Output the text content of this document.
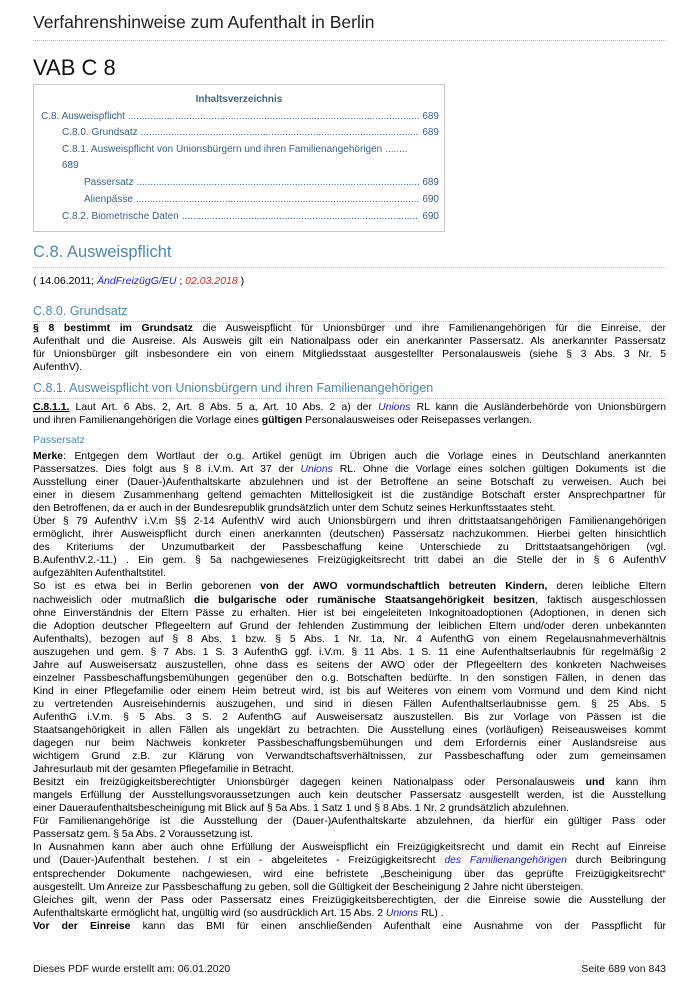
Verfahrenshinweise zum Aufenthalt in Berlin
VAB C 8
Inhaltsverzeichnis
C.8. Ausweispflicht .....	689
C.8.0. Grundsatz .....	689
C.8.1. Ausweispflicht von Unionsbürgern und ihren Familienangehörigen
.....
689
Passersatz .....	689
Alienpässe .....	690
C.8.2. Biometrische Daten .....	690
C.8. Ausweispflicht
( 14.06.2011; ÄndFreizügG/EU ; 02.03.2018 )
C.8.0. Grundsatz
§ 8 bestimmt im Grundsatz die Ausweispflicht für Unionsbürger und ihre Familienangehörigen für die Einreise, der
Aufenthalt und die Ausreise. Als Ausweis gilt ein Nationalpass oder ein anerkannter Passersatz. Als anerkannter Passersatz
für Unionsbürger gilt insbesondere ein von einem Mitgliedsstaat ausgestellter Personalausweis (siehe § 3 Abs. 3 Nr. 5
AufenthV).
C.8.1. Ausweispflicht von Unionsbürgern und ihren Familienangehörigen
C.8.1.1. Laut Art. 6 Abs. 2, Art. 8 Abs. 5 a, Art. 10 Abs. 2 a) der Unions RL kann die Ausländerbehörde von Unionsbürgern
und ihren Familienangehörigen die Vorlage eines gültigen Personalausweises oder Reisepasses verlangen.
Passersatz
Merke: Entgegen dem Wortlaut der o.g. Artikel genügt im Übrigen auch die Vorlage eines in Deutschland anerkannten
Passersatzes. Dies folgt aus § 8 i.V.m. Art 37 der Unions RL. Ohne die Vorlage eines solchen gültigen Dokuments ist die
Ausstellung einer (Dauer-)Aufenthaltskarte abzulehnen und ist der Betroffene an seine Botschaft zu verweisen. Auch bei
einer in diesem Zusammenhang geltend gemachten Mittellosigkeit ist die zuständige Botschaft erster Ansprechpartner für
den Betroffenen, da er auch in der Bundesrepublik grundsätzlich unter dem Schutz seines Herkunftsstaates steht.
Über § 79 AufenthV i.V.m §§ 2-14 AufenthV wird auch Unionsbürgern und ihren drittstaatsangehörigen Familienangehörigen
ermöglicht, ihrer Ausweispflicht durch einen anerkannten (deutschen) Passersatz nachzukommen. Hierbei gelten hinsichtlich
des Kriteriums der Unzumutbarkeit der Passbeschaffung keine Unterschiede zu Drittstaatsangehörigen (vgl.
B.AufenthV.2.-11.) . Ein gem. § 5a nachgewiesenes Freizügigkeitsrecht tritt dabei an die Stelle der in § 6 AufenthV
aufgezählten Aufenthaltstitel.
So ist es etwa bei in Berlin geborenen von der AWO vormundschaftlich betreuten Kindern, deren leibliche Eltern
nachweislich oder mutmaßlich die bulgarische oder rumänische Staatsangehörigkeit besitzen, faktisch ausgeschlossen
ohne Einverständnis der Eltern Pässe zu erhalten. Hier ist bei eingeleiteten Inkognitoadoptionen (Adoptionen, in denen sich
die Adoption deutscher Pflegeeltern auf Grund der fehlenden Zustimmung der leiblichen Eltern und/oder deren unbekannten
Aufenthalts), bezogen auf § 8 Abs. 1 bzw. § 5 Abs. 1 Nr. 1a, Nr. 4 AufenthG von einem Regelausnahmeverhältnis
auszugehen und gem. § 7 Abs. 1 S. 3 AufenthG ggf. i.V.m. § 11 Abs. 1 S. 11 eine Aufenthaltserlaubnis für regelmäßig 2
Jahre auf Ausweisersatz auszustellen, ohne dass es seitens der AWO oder der Pflegeeltern des konkreten Nachweises
einzelner Passbeschaffungsbemühungen gegenüber den o.g. Botschaften bedürfte. In den sonstigen Fällen, in denen das
Kind in einer Pflegefamilie oder einem Heim betreut wird, ist bis auf Weiteres von einem vom Vormund und dem Kind nicht
zu vertretenden Ausreisehindernis auszugehen, und sind in diesen Fällen Aufenthaltserlaubnisse gem. § 25 Abs. 5
AufenthG i.V.m. § 5 Abs. 3 S. 2 AufenthG auf Ausweisersatz auszustellen. Bis zur Vorlage von Pässen ist die
Staatsangehörigkeit in allen Fällen als ungeklärt zu betrachten. Die Ausstellung eines (vorläufigen) Reiseausweises kommt
dagegen nur beim Nachweis konkreter Passbeschaffungsbemühungen und dem Erfordernis einer Auslandsreise aus
wichtigem Grund z.B. zur Klärung von Verwandtschaftsverhältnissen, zur Passbeschaffung oder zum gemeinsamen
Jahresurlaub mit der gesamten Pflegefamilie in Betracht.
Besitzt ein freizügigkeitsberechtigter Unionsbürger dagegen keinen Nationalpass oder Personalausweis und kann ihm
mangels Erfüllung der Ausstellungsvoraussetzungen auch kein deutscher Passersatz ausgestellt werden, ist die Ausstellung
einer Daueraufenthaltsbescheinigung mit Blick auf § 5a Abs. 1 Satz 1 und § 8 Abs. 1 Nr. 2 grundsätzlich abzulehnen.
Für Familienangehörige ist die Ausstellung der (Dauer-)Aufenthaltskarte abzulehnen, da hierfür ein gültiger Pass oder
Passersatz gem. § 5a Abs. 2 Voraussetzung ist.
In Ausnahmen kann aber auch ohne Erfüllung der Ausweispflicht ein Freizügigkeitsrecht und damit ein Recht auf Einreise
und (Dauer-)Aufenthalt bestehen. I st ein - abgeleitetes - Freizügigkeitsrecht des Familienangehörigen durch Beibringung
entsprechender Dokumente nachgewiesen, wird eine befristete „Bescheinigung über das geprüfte Freizügigkeitsrecht“
ausgestellt. Um Anreize zur Passbeschaffung zu geben, soll die Gültigkeit der Bescheinigung 2 Jahre nicht übersteigen.
Gleiches gilt, wenn der Pass oder Passersatz eines Freizügigkeitsberechtigten, der die Einreise sowie die Ausstellung der
Aufenthaltskarte ermöglicht hat, ungültig wird (so ausdrücklich Art. 15 Abs. 2 Unions RL) .
Vor der Einreise kann das BMI für einen anschließenden Aufenthalt eine Ausnahme von der Passpflicht für
Dieses PDF wurde erstellt am: 06.01.2020	Seite 689 von 843
